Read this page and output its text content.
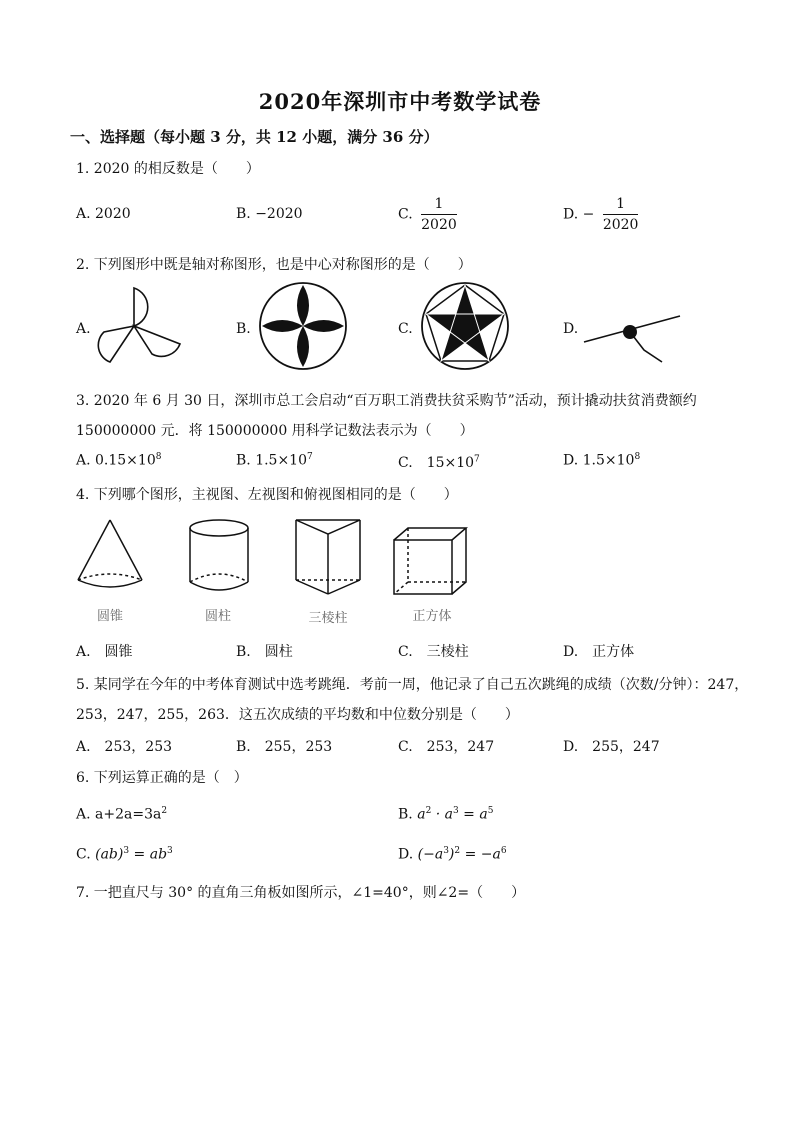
2020年深圳市中考数学试卷
一、选择题（每小题 3 分，共 12 小题，满分 36 分）
1. 2020 的相反数是（　　）
A. 2020	B. −2020	C. $\frac{1}{2020}$	D. − $\frac{1}{2020}$
2. 下列图形中既是轴对称图形，也是中心对称图形的是（　　）
A.	B.	C.	D.
3. 2020 年 6 月 30 日，深圳市总工会启动“百万职工消费扶贫采购节”活动，预计撬动扶贫消费额约
150000000 元．将 150000000 用科学记数法表示为（　　）
A. $0.15\times 10^8$	B. $1.5\times 10^7$	C.　$15\times 10^7$	D. $1.5\times 10^8$
4. 下列哪个图形，主视图、左视图和俯视图相同的是（　　）
圆锥	圆柱	三棱柱	正方体
A.　圆锥	B.　圆柱	C.　三棱柱	D.　正方体
5. 某同学在今年的中考体育测试中选考跳绳．考前一周，他记录了自己五次跳绳的成绩（次数/分钟）：247，
253，247，255，263．这五次成绩的平均数和中位数分别是（　　）
A.　253，253	B.　255，253	C.　253，247	D.　255，247
6. 下列运算正确的是（　）
A. $a+2a=3a^2$	B. $a^2 \cdot a^3 = a^5$
C. $(ab)^3 = ab^3$	D. $(-a^3)^2 = -a^6$
7. 一把直尺与 30° 的直角三角板如图所示，∠1=40°，则∠2=（　　）
